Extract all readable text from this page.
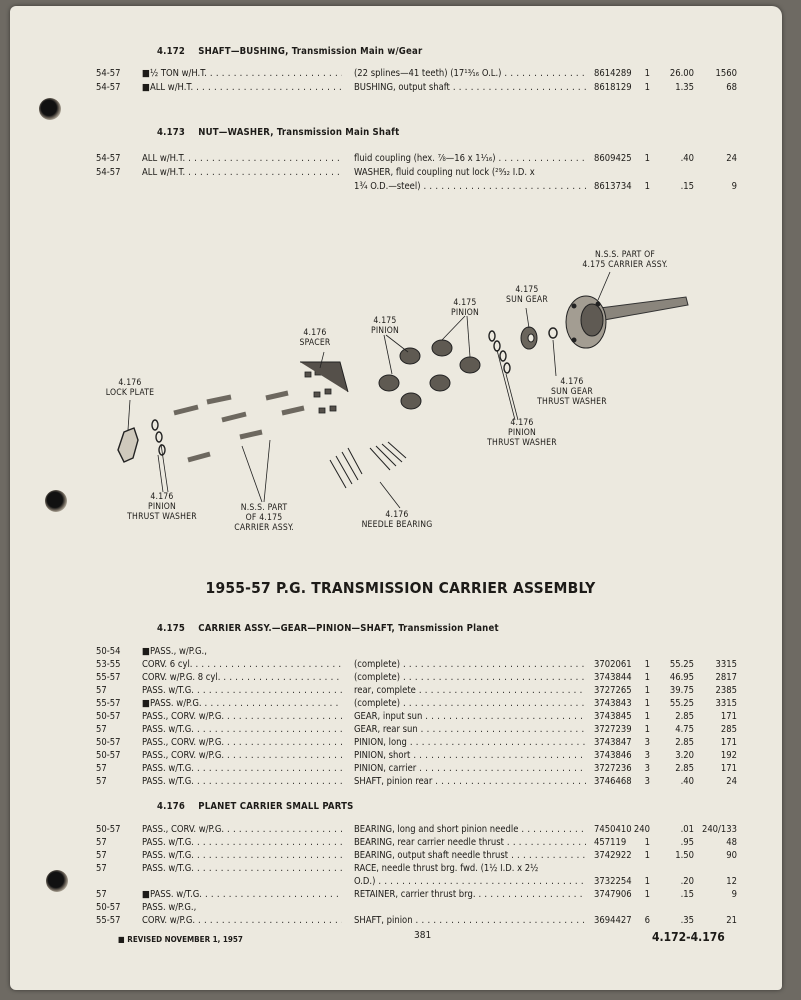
4.172 SHAFT—BUSHING, Transmission Main w/Gear
54-57 ■½ TON w/H.T. . . .	(22 splines—41 teeth) (17¹³⁄₁₆ O.L.) . . .	8614289 1 26.00 1560
54-57 ■ALL w/H.T. . . .	BUSHING, output shaft . . .	8618129 1	1.35	68
4.173 NUT—WASHER, Transmission Main Shaft
54-57 ALL w/H.T. . . .	fluid coupling (hex. ⅞—16 x 1¹⁄₁₆) . . .	8609425 1	.40	24
54-57 ALL w/H.T. . . .	WASHER, fluid coupling nut lock (²⁹⁄₃₂ I.D. x
1¾ O.D.—steel) . . .	8613734 1	.15	9
N.S.S. PART OF
4.175 CARRIER ASSY.
4.175
SUN GEAR
4.175
PINION
4.175
PINION
4.176
SPACER
4.176
LOCK PLATE
4.176
SUN GEAR
THRUST WASHER
4.176
PINION
THRUST WASHER
4.176
PINION
THRUST WASHER
N.S.S. PART
OF 4.175
CARRIER ASSY.
4.176
NEEDLE BEARING
1955-57 P.G. TRANSMISSION CARRIER ASSEMBLY
4.175 CARRIER ASSY.—GEAR—PINION—SHAFT, Transmission Planet
50-54 ■PASS., w/P.G.,
53-55 CORV. 6 cyl. . . .	(complete) . . .	3702061 1 55.25 3315
55-57 CORV. w/P.G. 8 cyl. . . .	(complete) . . .	3743844 1 46.95 2817
57	PASS. w/T.G. . . .	rear, complete . . .	3727265 1 39.75 2385
55-57 ■PASS. w/P.G. . . .	(complete) . . .	3743843 1 55.25 3315
50-57 PASS., CORV. w/P.G. . . .	GEAR, input sun . . .	3743845 1	2.85	171
57	PASS. w/T.G. . . .	GEAR, rear sun . . .	3727239 1	4.75	285
50-57 PASS., CORV. w/P.G. . . .	PINION, long . . .	3743847 3	2.85	171
50-57 PASS., CORV. w/P.G. . . .	PINION, short . . .	3743846 3	3.20	192
57	PASS. w/T.G. . . .	PINION, carrier . . .	3727236 3	2.85	171
57	PASS. w/T.G. . . .	SHAFT, pinion rear . . .	3746468 3	.40	24
4.176 PLANET CARRIER SMALL PARTS
50-57 PASS., CORV. w/P.G. . . .	BEARING, long and short pinion needle . . .	7450410 240	.01 240/133
57	PASS. w/T.G. . . .	BEARING, rear carrier needle thrust . . .	457119 1	.95	48
57	PASS. w/T.G. . . .	BEARING, output shaft needle thrust . . .	3742922 1	1.50	90
57	PASS. w/T.G. . . .	RACE, needle thrust brg. fwd. (1½ I.D. x 2½
O.D.) . . .	3732254 1	.20	12
57	■PASS. w/T.G. . . .	RETAINER, carrier thrust brg. . . .	3747906 1	.15	9
50-57 PASS. w/P.G.,
55-57 CORV. w/P.G. . . .	SHAFT, pinion . . .	3694427 6	.35	21
■ REVISED NOVEMBER 1, 1957	381	4.172-4.176
